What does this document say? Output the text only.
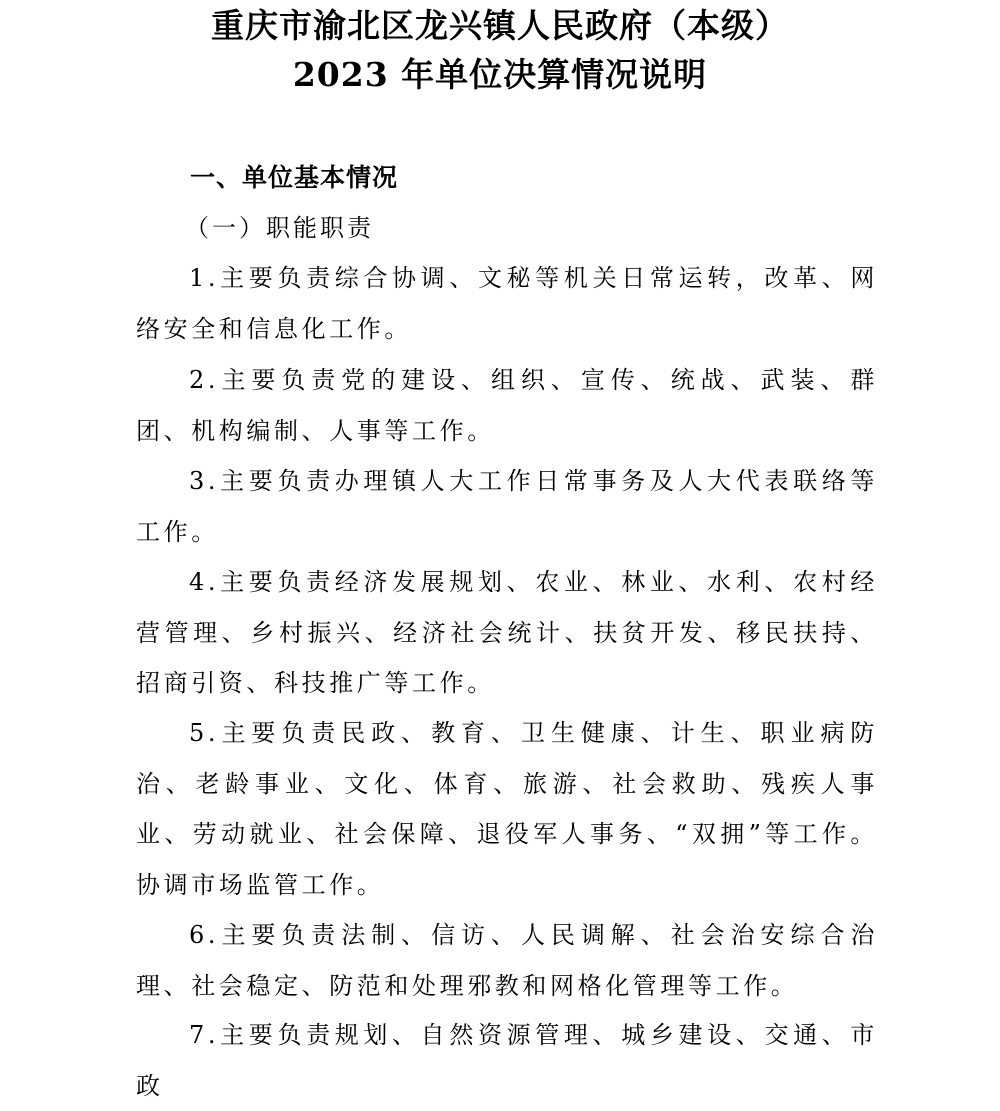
重庆市渝北区龙兴镇人民政府（本级）
2023 年单位决算情况说明
一、单位基本情况
（一）职能职责

1.主要负责综合协调、文秘等机关日常运转，改革、网络安全和信息化工作。

2.主要负责党的建设、组织、宣传、统战、武装、群团、机构编制、人事等工作。

3.主要负责办理镇人大工作日常事务及人大代表联络等工作。

4.主要负责经济发展规划、农业、林业、水利、农村经营管理、乡村振兴、经济社会统计、扶贫开发、移民扶持、招商引资、科技推广等工作。

5.主要负责民政、教育、卫生健康、计生、职业病防治、老龄事业、文化、体育、旅游、社会救助、残疾人事业、劳动就业、社会保障、退役军人事务、“双拥”等工作。协调市场监管工作。

6.主要负责法制、信访、人民调解、社会治安综合治理、社会稳定、防范和处理邪教和网格化管理等工作。

7.主要负责规划、自然资源管理、城乡建设、交通、市政
